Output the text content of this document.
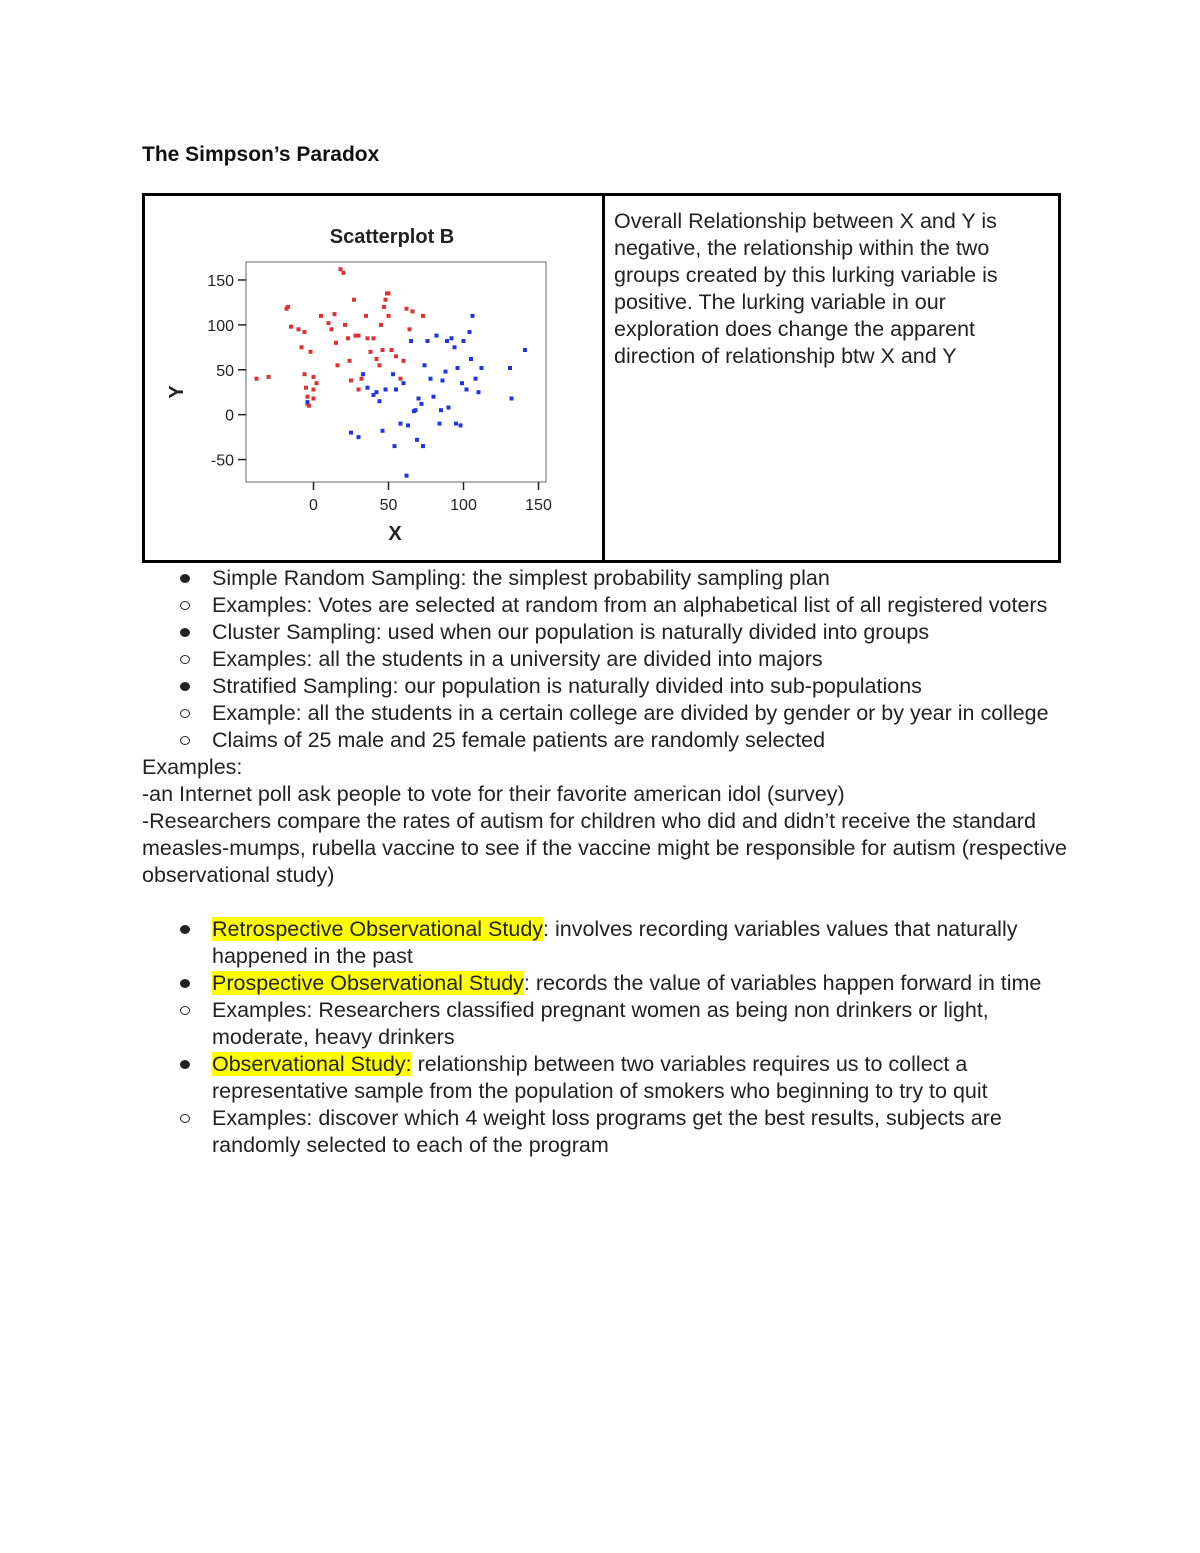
The Simpson’s Paradox
Scatterplot B
150
100
50
0
-50
0	50	100	150
Y
X
	Overall Relationship between X and Y is negative, the relationship within the two groups created by this lurking variable is positive. The lurking variable in our exploration does change the apparent direction of relationship btw X and Y
Simple Random Sampling: the simplest probability sampling plan
Examples: Votes are selected at random from an alphabetical list of all registered voters
Cluster Sampling: used when our population is naturally divided into groups
Examples: all the students in a university are divided into majors
Stratified Sampling: our population is naturally divided into sub-populations
Example: all the students in a certain college are divided by gender or by year in college
Claims of 25 male and 25 female patients are randomly selected
Examples:
-an Internet poll ask people to vote for their favorite american idol (survey)
-Researchers compare the rates of autism for children who did and didn’t receive the standard measles-mumps, rubella vaccine to see if the vaccine might be responsible for autism (respective observational study)
Retrospective Observational Study: involves recording variables values that naturally happened in the past
Prospective Observational Study: records the value of variables happen forward in time
Examples: Researchers classified pregnant women as being non drinkers or light, moderate, heavy drinkers
Observational Study: relationship between two variables requires us to collect a representative sample from the population of smokers who beginning to try to quit
Examples: discover which 4 weight loss programs get the best results, subjects are randomly selected to each of the program
